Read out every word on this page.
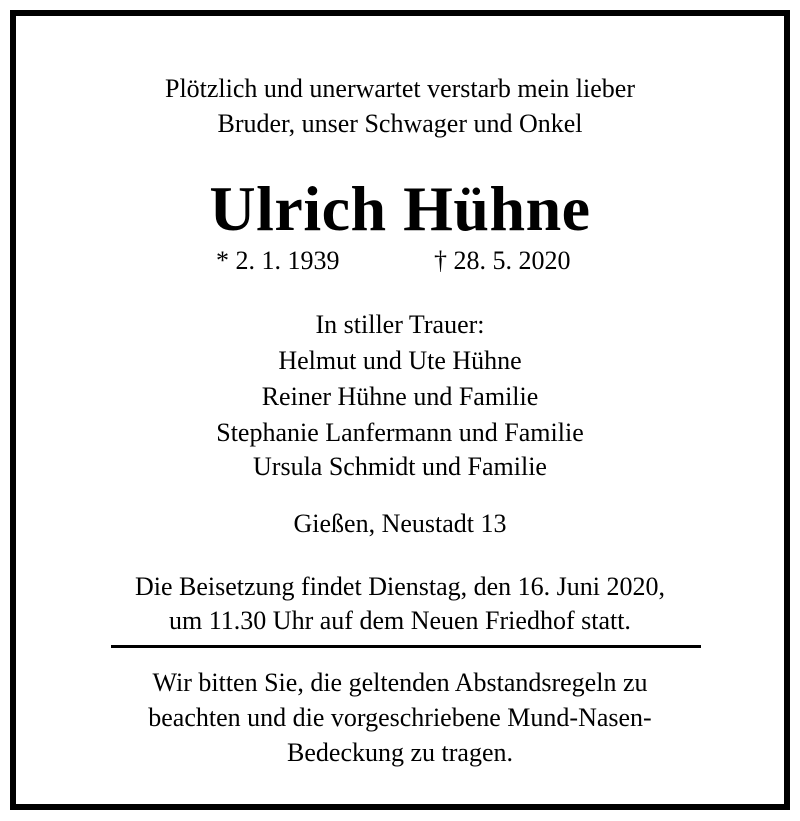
Plötzlich und unerwartet verstarb mein lieber
Bruder, unser Schwager und Onkel
Ulrich Hühne
* 2. 1. 1939	† 28. 5. 2020
In stiller Trauer:
Helmut und Ute Hühne
Reiner Hühne und Familie
Stephanie Lanfermann und Familie
Ursula Schmidt und Familie
Gießen, Neustadt 13
Die Beisetzung findet Dienstag, den 16. Juni 2020,
um 11.30 Uhr auf dem Neuen Friedhof statt.
Wir bitten Sie, die geltenden Abstandsregeln zu
beachten und die vorgeschriebene Mund-Nasen-
Bedeckung zu tragen.
